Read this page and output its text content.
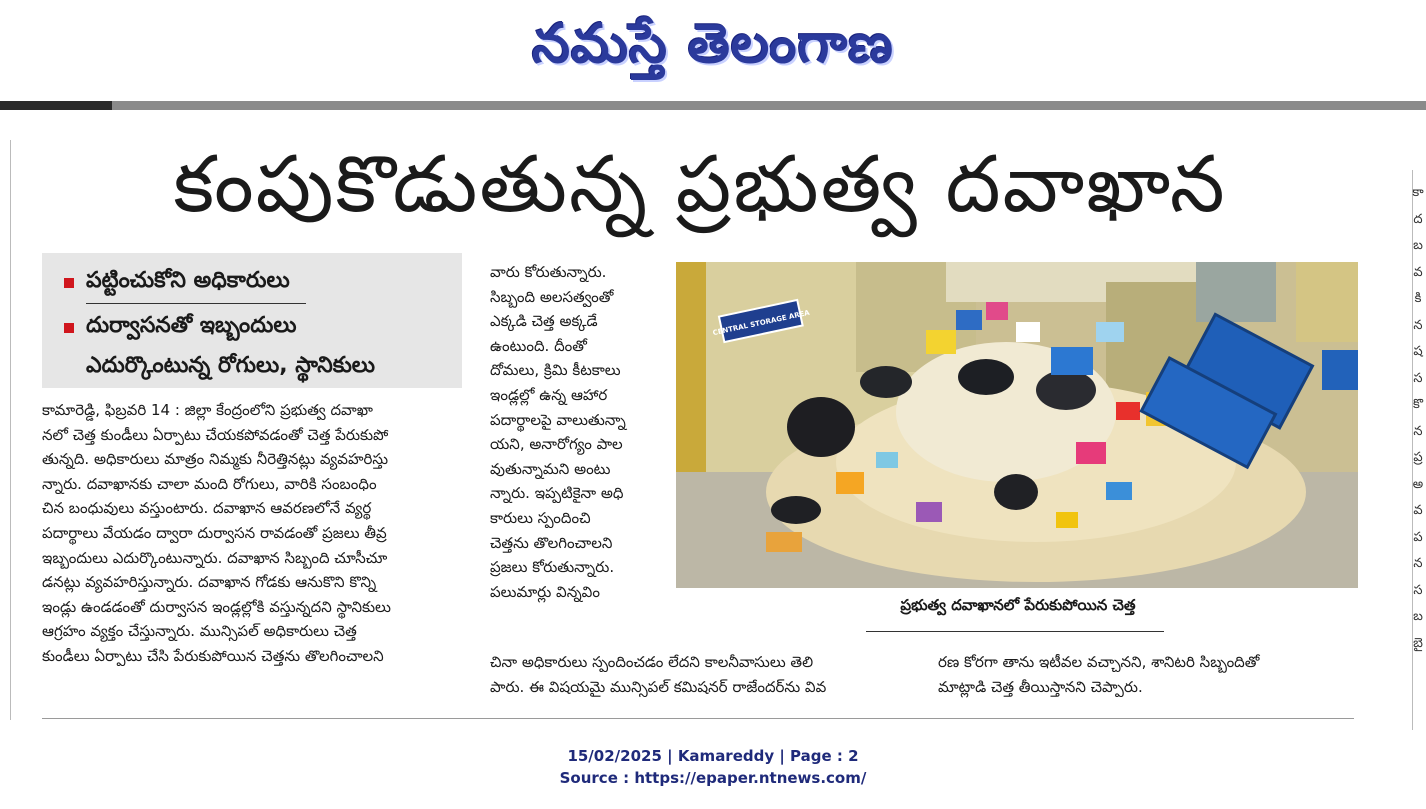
నమస్తే తెలంగాణ
కంపుకొడుతున్న ప్రభుత్వ దవాఖాన
పట్టించుకోని అధికారులు
దుర్వాసనతో ఇబ్బందులు
ఎదుర్కొంటున్న రోగులు, స్థానికులు
కామారెడ్డి, ఫిబ్రవరి 14 : జిల్లా కేంద్రంలోని ప్రభుత్వ దవాఖా
నలో చెత్త కుండీలు ఏర్పాటు చేయకపోవడంతో చెత్త పేరుకుపో
తున్నది. అధికారులు మాత్రం నిమ్మకు నీరెత్తినట్లు వ్యవహరిస్తు
న్నారు. దవాఖానకు చాలా మంది రోగులు, వారికి సంబంధిం
చిన బంధువులు వస్తుంటారు. దవాఖాన ఆవరణలోనే వ్యర్థ
పదార్థాలు వేయడం ద్వారా దుర్వాసన రావడంతో ప్రజలు తీవ్ర
ఇబ్బందులు ఎదుర్కొంటున్నారు. దవాఖాన సిబ్బంది చూసీచూ
డనట్లు వ్యవహరిస్తున్నారు. దవాఖాన గోడకు ఆనుకొని కొన్ని
ఇండ్లు ఉండడంతో దుర్వాసన ఇండ్లల్లోకి వస్తున్నదని స్థానికులు
ఆగ్రహం వ్యక్తం చేస్తున్నారు. మున్సిపల్ అధికారులు చెత్త
కుండీలు ఏర్పాటు చేసి పేరుకుపోయిన చెత్తను తొలగించాలని
వారు కోరుతున్నారు.
సిబ్బంది అలసత్వంతో
ఎక్కడి చెత్త అక్కడే
ఉంటుంది. దీంతో
దోమలు, క్రిమి కీటకాలు
ఇండ్లల్లో ఉన్న ఆహార
పదార్థాలపై వాలుతున్నా
యని, అనారోగ్యం పాల
వుతున్నామని అంటు
న్నారు. ఇప్పటికైనా అధి
కారులు స్పందించి
చెత్తను తొలగించాలని
ప్రజలు కోరుతున్నారు.
పలుమార్లు విన్నవిం
CENTRAL STORAGE AREA
ప్రభుత్వ దవాఖానలో పేరుకుపోయిన చెత్త
చినా అధికారులు స్పందించడం లేదని కాలనీవాసులు తెలి
పారు. ఈ విషయమై మున్సిపల్ కమిషనర్ రాజేందర్‌ను వివ
రణ కోరగా తాను ఇటీవల వచ్చానని, శానిటరి సిబ్బందితో
మాట్లాడి చెత్త తీయిస్తానని చెప్పారు.
కా
ద
బ
వ
కి
న
ష
స
కొ
న
ప్ర
అ
వ
ప
న
స
బ
బై
15/02/2025 | Kamareddy | Page : 2
Source : https://epaper.ntnews.com/
